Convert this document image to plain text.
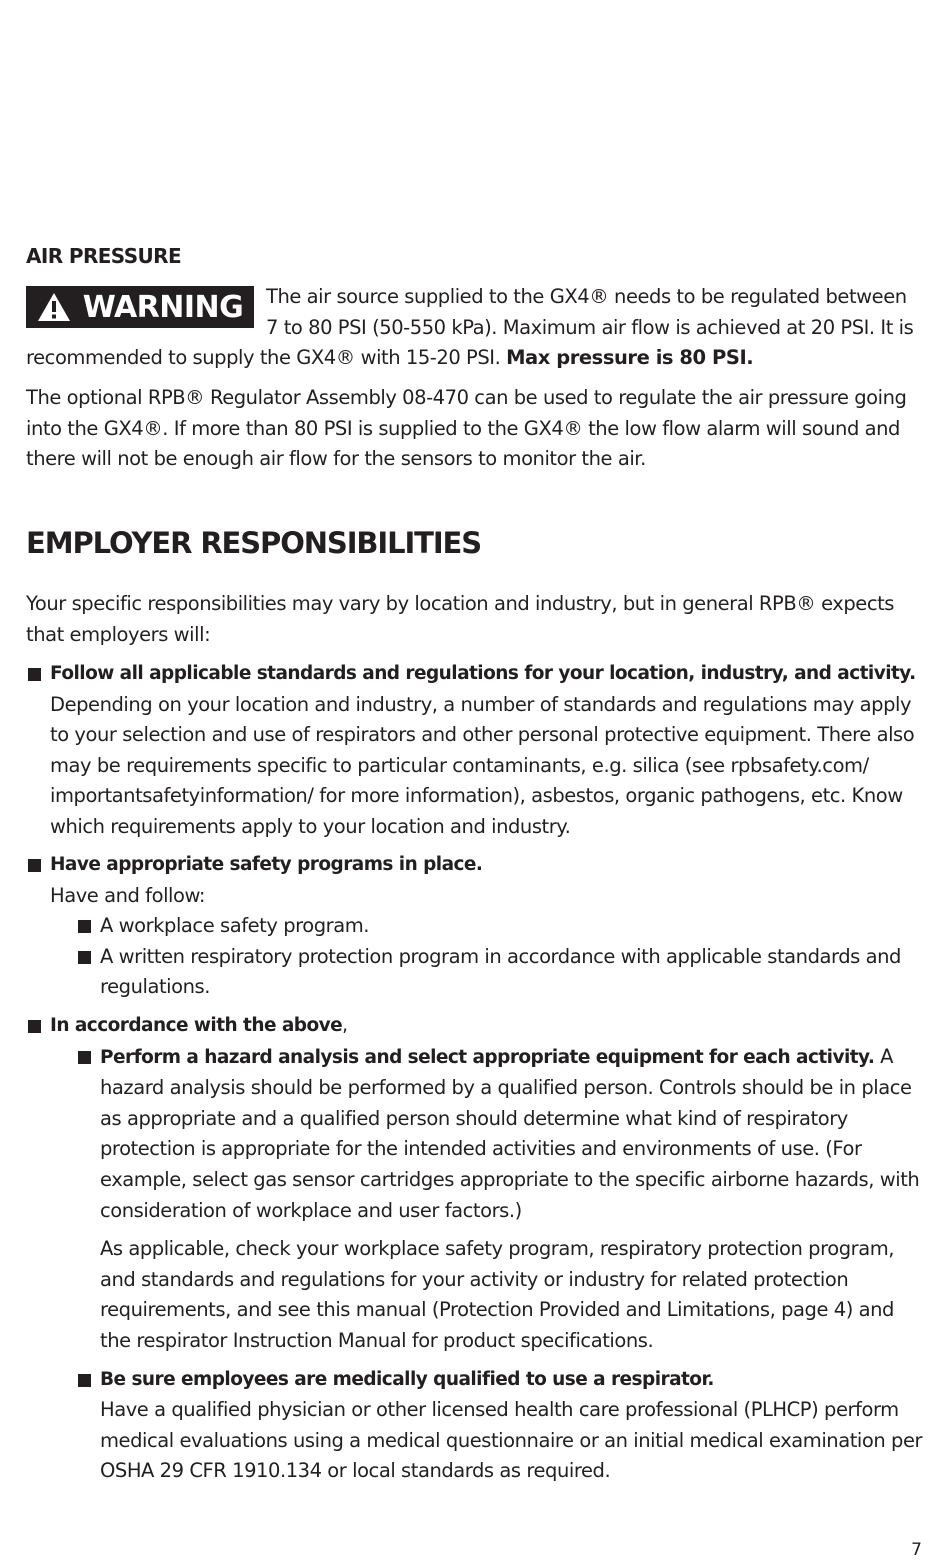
AIR PRESSURE
WARNING	The air source supplied to the GX4® needs to be regulated between 7 to 80 PSI (50-550 kPa). Maximum air flow is achieved at 20 PSI. It is recommended to supply the GX4® with 15-20 PSI. Max pressure is 80 PSI.

The optional RPB® Regulator Assembly 08-470 can be used to regulate the air pressure going into the GX4®. If more than 80 PSI is supplied to the GX4® the low flow alarm will sound and there will not be enough air flow for the sensors to monitor the air.

EMPLOYER RESPONSIBILITIES

Your specific responsibilities may vary by location and industry, but in general RPB® expects that employers will:

Follow all applicable standards and regulations for your location, industry, and activity.

Depending on your location and industry, a number of standards and regulations may apply to your selection and use of respirators and other personal protective equipment. There also may be requirements specific to particular contaminants, e.g. silica (see rpbsafety.com/ importantsafetyinformation/ for more information), asbestos, organic pathogens, etc. Know which requirements apply to your location and industry.

Have appropriate safety programs in place.

Have and follow:

A workplace safety program.

A written respiratory protection program in accordance with applicable standards and regulations.

In accordance with the above,

Perform a hazard analysis and select appropriate equipment for each activity. A hazard analysis should be performed by a qualified person. Controls should be in place as appropriate and a qualified person should determine what kind of respiratory protection is appropriate for the intended activities and environments of use. (For example, select gas sensor cartridges appropriate to the specific airborne hazards, with consideration of workplace and user factors.)

As applicable, check your workplace safety program, respiratory protection program, and standards and regulations for your activity or industry for related protection requirements, and see this manual (Protection Provided and Limitations, page 4) and the respirator Instruction Manual for product specifications.

Be sure employees are medically qualified to use a respirator.

Have a qualified physician or other licensed health care professional (PLHCP) perform medical evaluations using a medical questionnaire or an initial medical examination per OSHA 29 CFR 1910.134 or local standards as required.

7
